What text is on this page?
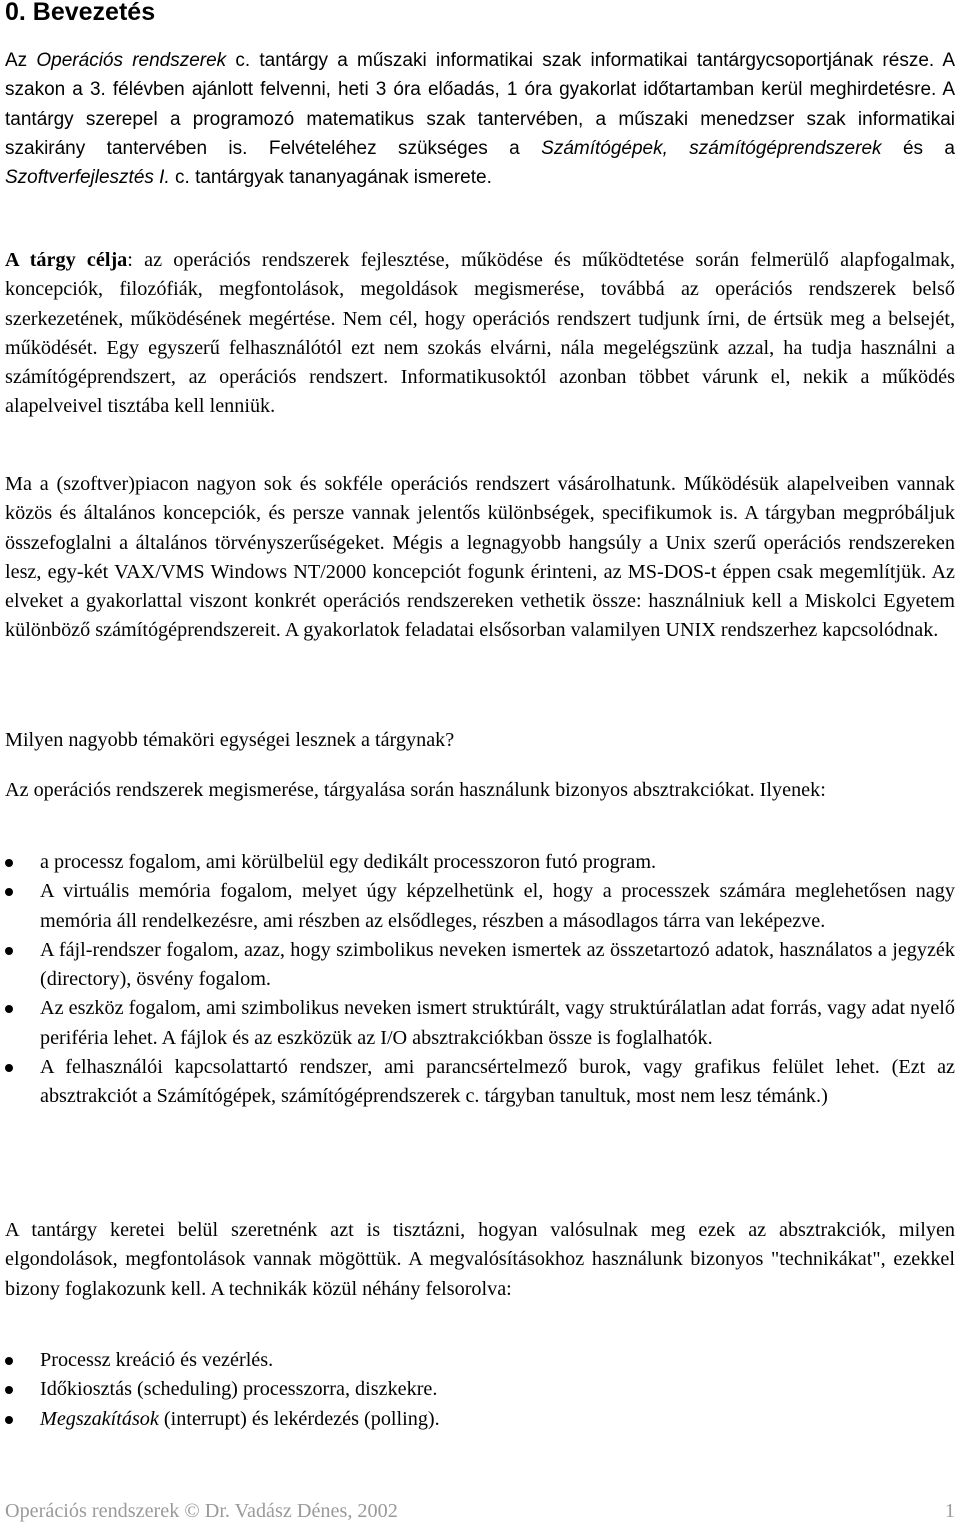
0. Bevezetés

Az Operációs rendszerek c. tantárgy a műszaki informatikai szak informatikai tantárgycsoportjának része. A szakon a 3. félévben ajánlott felvenni, heti 3 óra előadás, 1 óra gyakorlat időtartamban kerül meghirdetésre. A tantárgy szerepel a programozó matematikus szak tantervében, a műszaki menedzser szak informatikai szakirány tantervében is. Felvételéhez szükséges a Számítógépek, számítógéprendszerek és a Szoftverfejlesztés I. c. tantárgyak tananyagának ismerete.

A tárgy célja: az operációs rendszerek fejlesztése, működése és működtetése során felmerülő alapfogalmak, koncepciók, filozófiák, megfontolások, megoldások megismerése, továbbá az operációs rendszerek belső szerkezetének, működésének megértése. Nem cél, hogy operációs rendszert tudjunk írni, de értsük meg a belsejét, működését. Egy egyszerű felhasználótól ezt nem szokás elvárni, nála megelégszünk azzal, ha tudja használni a számítógéprendszert, az operációs rendszert. Informatikusoktól azonban többet várunk el, nekik a működés alapelveivel tisztába kell lenniük.

Ma a (szoftver)piacon nagyon sok és sokféle operációs rendszert vásárolhatunk. Működésük alapelveiben vannak közös és általános koncepciók, és persze vannak jelentős különbségek, specifikumok is. A tárgyban megpróbáljuk összefoglalni a általános törvényszerűségeket. Mégis a legnagyobb hangsúly a Unix szerű operációs rendszereken lesz, egy-két VAX/VMS Windows NT/2000 koncepciót fogunk érinteni, az MS-DOS-t éppen csak megemlítjük. Az elveket a gyakorlattal viszont konkrét operációs rendszereken vethetik össze: használniuk kell a Miskolci Egyetem különböző számítógéprendszereit. A gyakorlatok feladatai elsősorban valamilyen UNIX rendszerhez kapcsolódnak.

Milyen nagyobb témaköri egységei lesznek a tárgynak?

Az operációs rendszerek megismerése, tárgyalása során használunk bizonyos absztrakciókat. Ilyenek:

a processz fogalom, ami körülbelül egy dedikált processzoron futó program.
A virtuális memória fogalom, melyet úgy képzelhetünk el, hogy a processzek számára meglehetősen nagy memória áll rendelkezésre, ami részben az elsődleges, részben a másodlagos tárra van leképezve.
A fájl-rendszer fogalom, azaz, hogy szimbolikus neveken ismertek az összetartozó adatok, használatos a jegyzék (directory), ösvény fogalom.
Az eszköz fogalom, ami szimbolikus neveken ismert struktúrált, vagy struktúrálatlan adat forrás, vagy adat nyelő periféria lehet. A fájlok és az eszközük az I/O absztrakciókban össze is foglalhatók.
A felhasználói kapcsolattartó rendszer, ami parancsértelmező burok, vagy grafikus felület lehet. (Ezt az absztrakciót a Számítógépek, számítógéprendszerek c. tárgyban tanultuk, most nem lesz témánk.)

A tantárgy keretei belül szeretnénk azt is tisztázni, hogyan valósulnak meg ezek az absztrakciók, milyen elgondolások, megfontolások vannak mögöttük. A megvalósításokhoz használunk bizonyos "technikákat", ezekkel bizony foglakozunk kell. A technikák közül néhány felsorolva:

Processz kreáció és vezérlés.
Időkiosztás (scheduling) processzorra, diszkekre.
Megszakítások (interrupt) és lekérdezés (polling).
Operációs rendszerek © Dr. Vadász Dénes, 2002	1
